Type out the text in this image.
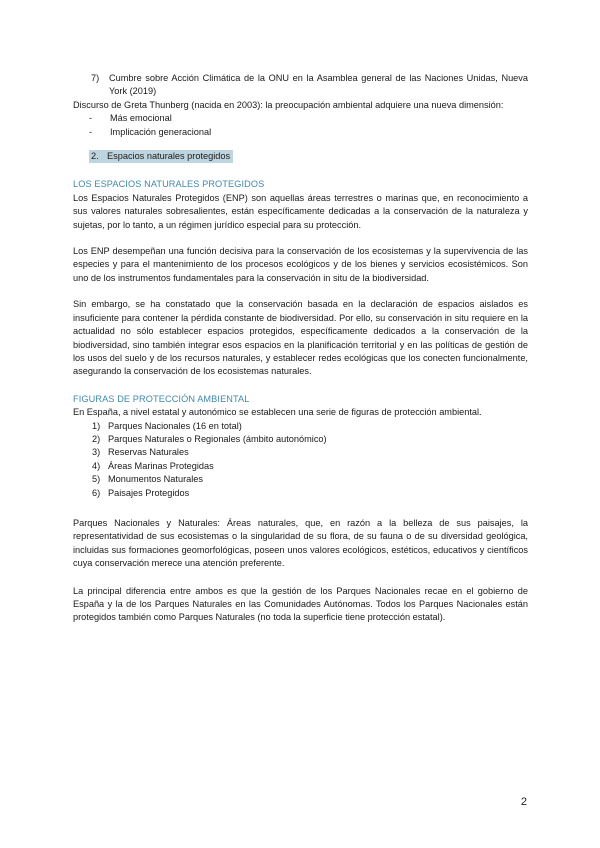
7)	Cumbre sobre Acción Climática de la ONU en la Asamblea general de las Naciones Unidas, Nueva York (2019)

Discurso de Greta Thunberg (nacida en 2003): la preocupación ambiental adquiere una nueva dimensión:

-	Más emocional
-	Implicación generacional
2. Espacios naturales protegidos
LOS ESPACIOS NATURALES PROTEGIDOS

Los Espacios Naturales Protegidos (ENP) son aquellas áreas terrestres o marinas que, en reconocimiento a sus valores naturales sobresalientes, están específicamente dedicadas a la conservación de la naturaleza y sujetas, por lo tanto, a un régimen jurídico especial para su protección.

Los ENP desempeñan una función decisiva para la conservación de los ecosistemas y la supervivencia de las especies y para el mantenimiento de los procesos ecológicos y de los bienes y servicios ecosistémicos. Son uno de los instrumentos fundamentales para la conservación in situ de la biodiversidad.

Sin embargo, se ha constatado que la conservación basada en la declaración de espacios aislados es insuficiente para contener la pérdida constante de biodiversidad. Por ello, su conservación in situ requiere en la actualidad no sólo establecer espacios protegidos, específicamente dedicados a la conservación de la biodiversidad, sino también integrar esos espacios en la planificación territorial y en las políticas de gestión de los usos del suelo y de los recursos naturales, y establecer redes ecológicas que los conecten funcionalmente, asegurando la conservación de los ecosistemas naturales.

FIGURAS DE PROTECCIÓN AMBIENTAL

En España, a nivel estatal y autonómico se establecen una serie de figuras de protección ambiental.

1) Parques Nacionales (16 en total)
2) Parques Naturales o Regionales (ámbito autonómico)
3) Reservas Naturales
4) Áreas Marinas Protegidas
5) Monumentos Naturales
6) Paisajes Protegidos

Parques Nacionales y Naturales: Áreas naturales, que, en razón a la belleza de sus paisajes, la representatividad de sus ecosistemas o la singularidad de su flora, de su fauna o de su diversidad geológica, incluidas sus formaciones geomorfológicas, poseen unos valores ecológicos, estéticos, educativos y científicos cuya conservación merece una atención preferente.

La principal diferencia entre ambos es que la gestión de los Parques Nacionales recae en el gobierno de España y la de los Parques Naturales en las Comunidades Autónomas. Todos los Parques Nacionales están protegidos también como Parques Naturales (no toda la superficie tiene protección estatal).

2
